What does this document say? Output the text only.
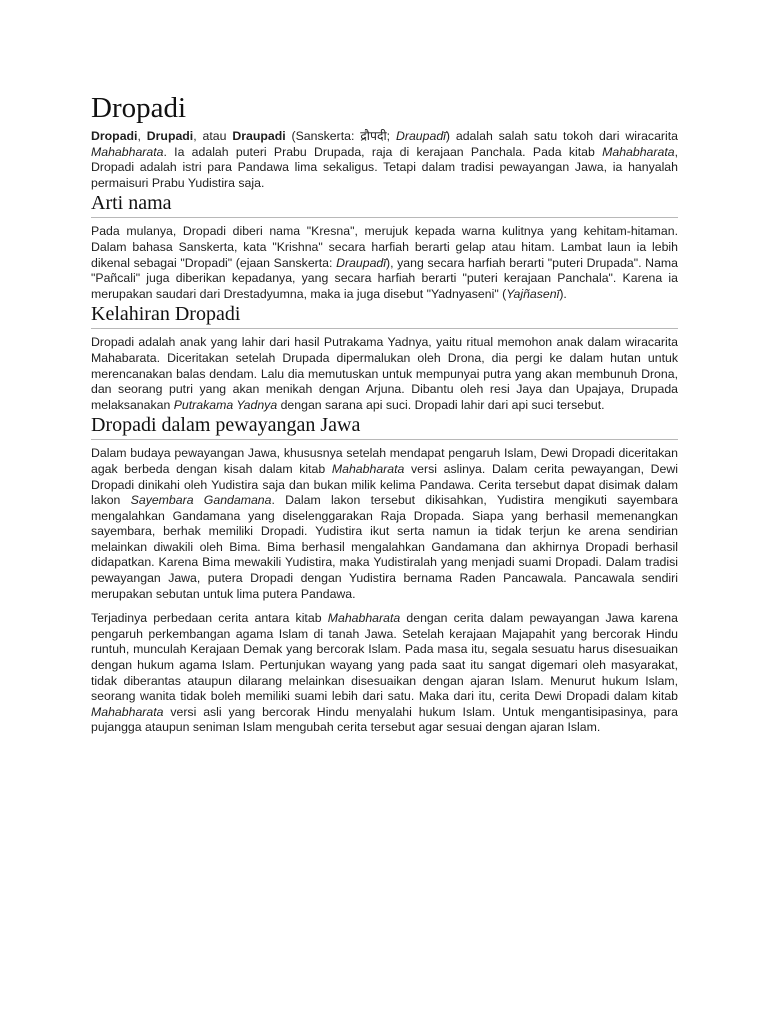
Dropadi

Dropadi, Drupadi, atau Draupadi (Sanskerta: द्रौपदी; Draupadī) adalah salah satu tokoh dari wiracarita Mahabharata. Ia adalah puteri Prabu Drupada, raja di kerajaan Panchala. Pada kitab Mahabharata, Dropadi adalah istri para Pandawa lima sekaligus. Tetapi dalam tradisi pewayangan Jawa, ia hanyalah permaisuri Prabu Yudistira saja.

Arti nama

Pada mulanya, Dropadi diberi nama "Kresna", merujuk kepada warna kulitnya yang kehitam-hitaman. Dalam bahasa Sanskerta, kata "Krishna" secara harfiah berarti gelap atau hitam. Lambat laun ia lebih dikenal sebagai "Dropadi" (ejaan Sanskerta: Draupadī), yang secara harfiah berarti "puteri Drupada". Nama "Pañcali" juga diberikan kepadanya, yang secara harfiah berarti "puteri kerajaan Panchala". Karena ia merupakan saudari dari Drestadyumna, maka ia juga disebut "Yadnyaseni" (Yajñasenī).

Kelahiran Dropadi

Dropadi adalah anak yang lahir dari hasil Putrakama Yadnya, yaitu ritual memohon anak dalam wiracarita Mahabarata. Diceritakan setelah Drupada dipermalukan oleh Drona, dia pergi ke dalam hutan untuk merencanakan balas dendam. Lalu dia memutuskan untuk mempunyai putra yang akan membunuh Drona, dan seorang putri yang akan menikah dengan Arjuna. Dibantu oleh resi Jaya dan Upajaya, Drupada melaksanakan Putrakama Yadnya dengan sarana api suci. Dropadi lahir dari api suci tersebut.

Dropadi dalam pewayangan Jawa

Dalam budaya pewayangan Jawa, khususnya setelah mendapat pengaruh Islam, Dewi Dropadi diceritakan agak berbeda dengan kisah dalam kitab Mahabharata versi aslinya. Dalam cerita pewayangan, Dewi Dropadi dinikahi oleh Yudistira saja dan bukan milik kelima Pandawa. Cerita tersebut dapat disimak dalam lakon Sayembara Gandamana. Dalam lakon tersebut dikisahkan, Yudistira mengikuti sayembara mengalahkan Gandamana yang diselenggarakan Raja Dropada. Siapa yang berhasil memenangkan sayembara, berhak memiliki Dropadi. Yudistira ikut serta namun ia tidak terjun ke arena sendirian melainkan diwakili oleh Bima. Bima berhasil mengalahkan Gandamana dan akhirnya Dropadi berhasil didapatkan. Karena Bima mewakili Yudistira, maka Yudistiralah yang menjadi suami Dropadi. Dalam tradisi pewayangan Jawa, putera Dropadi dengan Yudistira bernama Raden Pancawala. Pancawala sendiri merupakan sebutan untuk lima putera Pandawa.

Terjadinya perbedaan cerita antara kitab Mahabharata dengan cerita dalam pewayangan Jawa karena pengaruh perkembangan agama Islam di tanah Jawa. Setelah kerajaan Majapahit yang bercorak Hindu runtuh, munculah Kerajaan Demak yang bercorak Islam. Pada masa itu, segala sesuatu harus disesuaikan dengan hukum agama Islam. Pertunjukan wayang yang pada saat itu sangat digemari oleh masyarakat, tidak diberantas ataupun dilarang melainkan disesuaikan dengan ajaran Islam. Menurut hukum Islam, seorang wanita tidak boleh memiliki suami lebih dari satu. Maka dari itu, cerita Dewi Dropadi dalam kitab Mahabharata versi asli yang bercorak Hindu menyalahi hukum Islam. Untuk mengantisipasinya, para pujangga ataupun seniman Islam mengubah cerita tersebut agar sesuai dengan ajaran Islam.
